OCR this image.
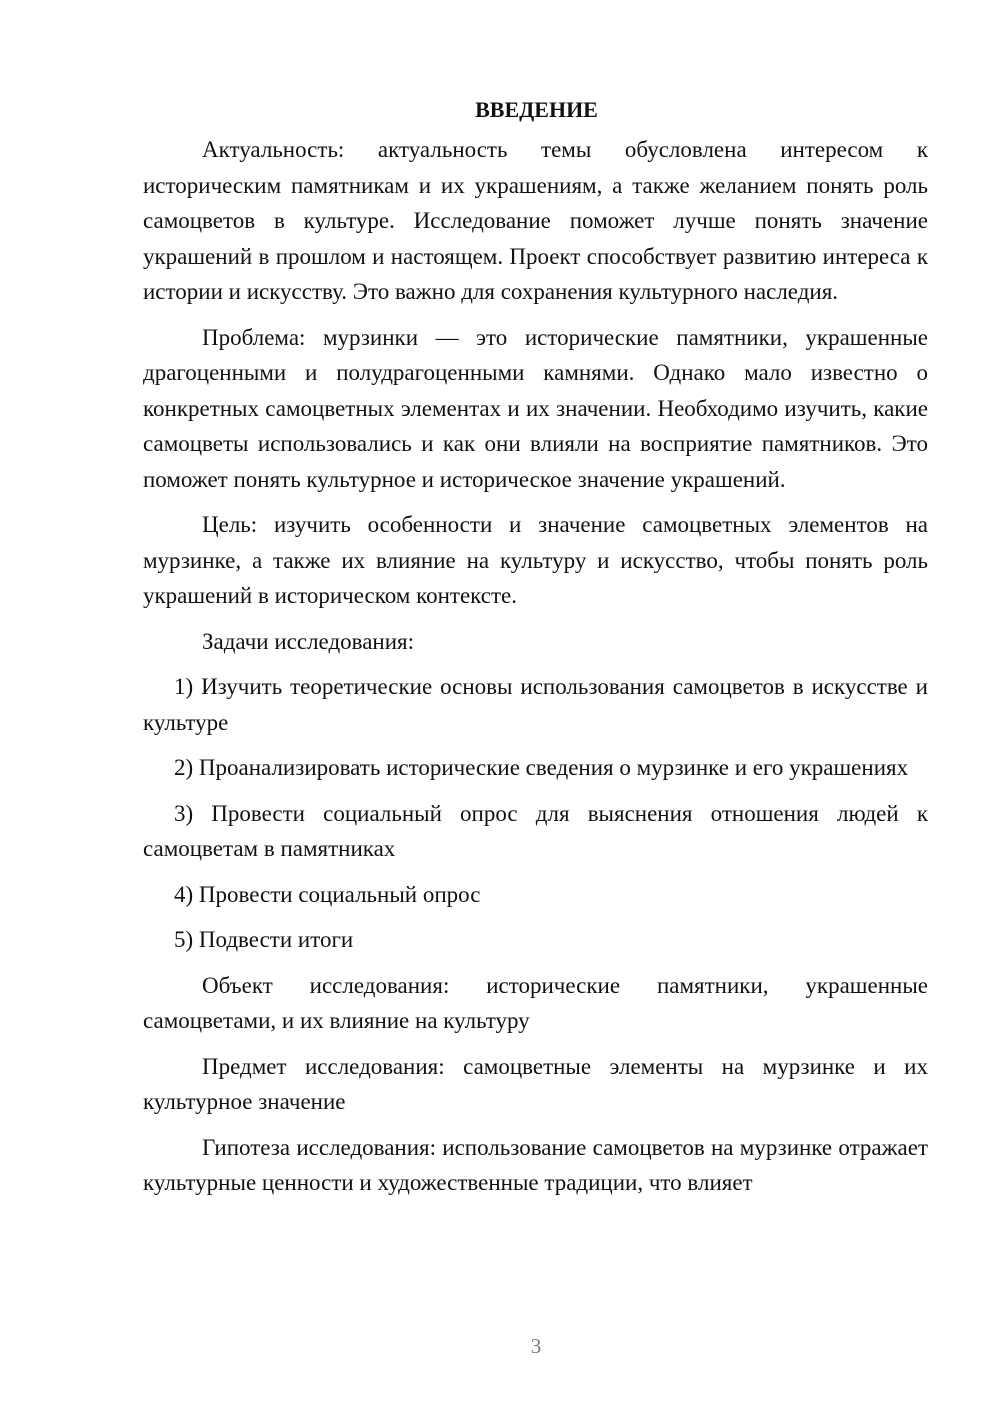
ВВЕДЕНИЕ

Актуальность: актуальность темы обусловлена интересом к историческим памятникам и их украшениям, а также желанием понять роль самоцветов в культуре. Исследование поможет лучше понять значение украшений в прошлом и настоящем. Проект способствует развитию интереса к истории и искусству. Это важно для сохранения культурного наследия.

Проблема: мурзинки — это исторические памятники, украшенные драгоценными и полудрагоценными камнями. Однако мало известно о конкретных самоцветных элементах и их значении. Необходимо изучить, какие самоцветы использовались и как они влияли на восприятие памятников. Это поможет понять культурное и историческое значение украшений.

Цель: изучить особенности и значение самоцветных элементов на мурзинке, а также их влияние на культуру и искусство, чтобы понять роль украшений в историческом контексте.

Задачи исследования:

1) Изучить теоретические основы использования самоцветов в искусстве и культуре

2) Проанализировать исторические сведения о мурзинке и его украшениях

3) Провести социальный опрос для выяснения отношения людей к самоцветам в памятниках

4) Провести социальный опрос

5) Подвести итоги

Объект исследования: исторические памятники, украшенные самоцветами, и их влияние на культуру

Предмет исследования: самоцветные элементы на мурзинке и их культурное значение

Гипотеза исследования: использование самоцветов на мурзинке отражает культурные ценности и художественные традиции, что влияет

3
